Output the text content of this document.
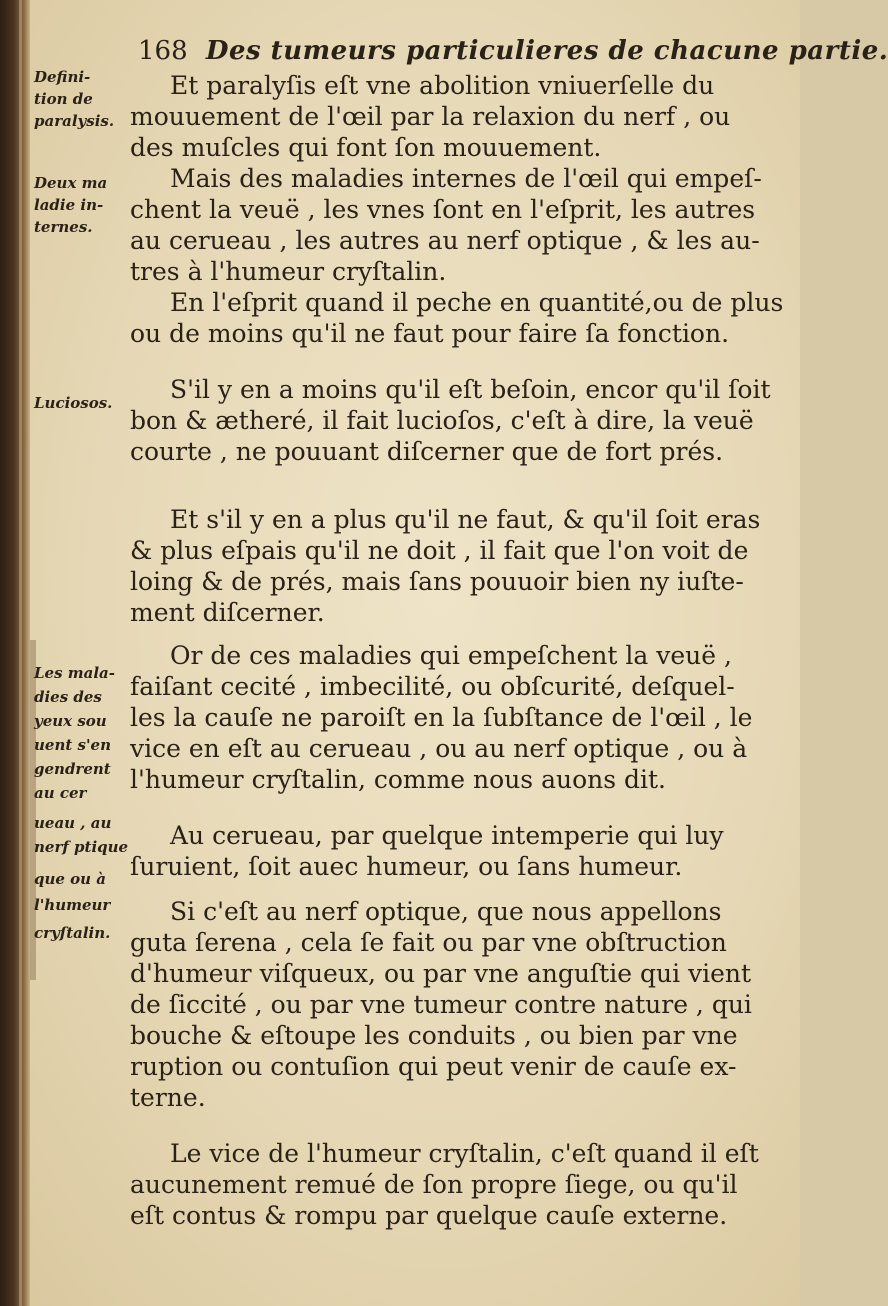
168 Des tumeurs particulieres de chacune partie.
Defini-
tion de
paralysis.
Deux ma
ladie in-
ternes.
Luciosos.
Les mala-
dies des
yeux sou
uent s'en
gendrent
au cer
ueau , au
nerf ptique
que ou à
l'humeur
cryſtalin.
Et paralyſis eſt vne abolition vniuerſelle du
mouuement de l'œil par la relaxion du nerf , ou
des muſcles qui font ſon mouuement.
Mais des maladies internes de l'œil qui empeſ-
chent la veuë , les vnes ſont en l'eſprit, les autres
au cerueau , les autres au nerf optique , & les au-
tres à l'humeur cryſtalin.
En l'eſprit quand il peche en quantité,ou de plus
ou de moins qu'il ne faut pour faire ſa fonction.
S'il y en a moins qu'il eſt beſoin, encor qu'il ſoit
bon & ætheré, il fait lucioſos, c'eſt à dire, la veuë
courte , ne pouuant diſcerner que de fort prés.
Et s'il y en a plus qu'il ne faut, & qu'il ſoit eras
& plus eſpais qu'il ne doit , il fait que l'on voit de
loing & de prés, mais ſans pouuoir bien ny iuſte-
ment diſcerner.
Or de ces maladies qui empeſchent la veuë ,
faiſant cecité , imbecilité, ou obſcurité, deſquel-
les la cauſe ne paroiſt en la ſubſtance de l'œil , le
vice en eſt au cerueau , ou au nerf optique , ou à
l'humeur cryſtalin, comme nous auons dit.
Au cerueau, par quelque intemperie qui luy
ſuruient, ſoit auec humeur, ou ſans humeur.
Si c'eſt au nerf optique, que nous appellons
guta ſerena , cela ſe fait ou par vne obſtruction
d'humeur viſqueux, ou par vne anguſtie qui vient
de ſiccité , ou par vne tumeur contre nature , qui
bouche & eſtoupe les conduits , ou bien par vne
ruption ou contuſion qui peut venir de cauſe ex-
terne.
Le vice de l'humeur cryſtalin, c'eſt quand il eſt
aucunement remué de ſon propre ſiege, ou qu'il
eſt contus & rompu par quelque cauſe externe.
